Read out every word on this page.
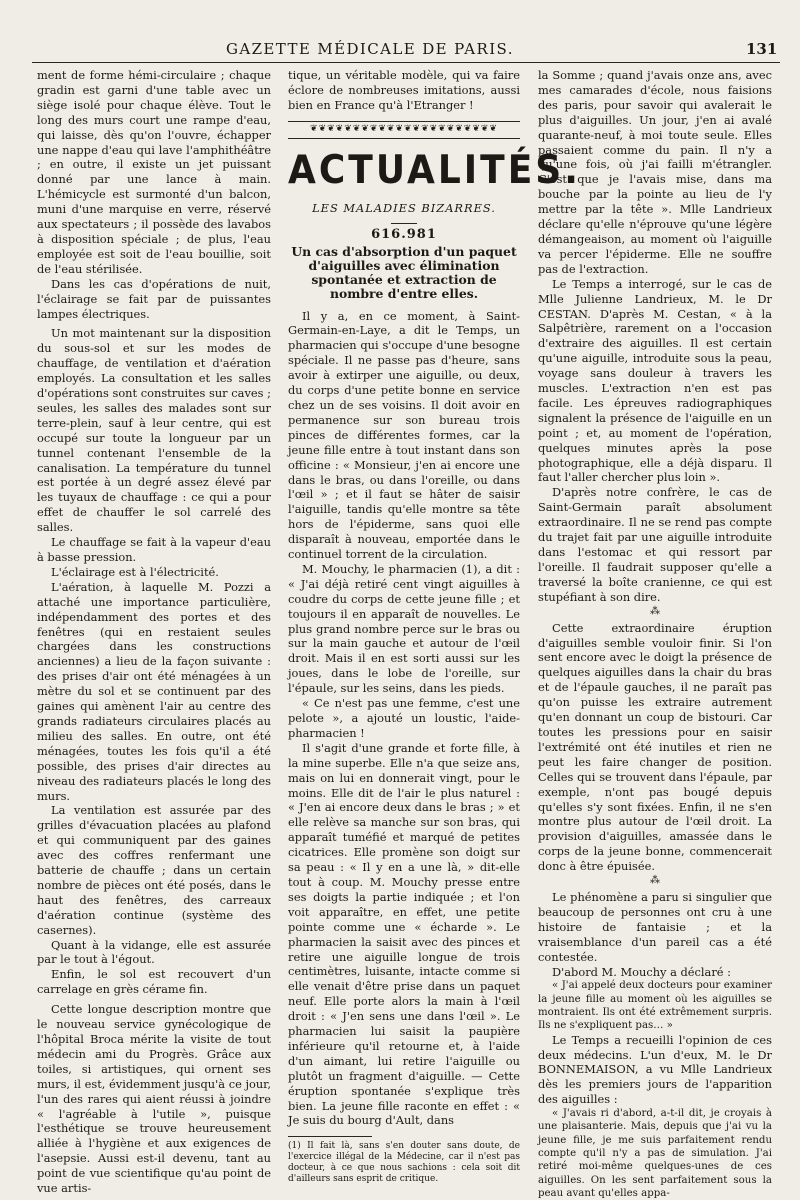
GAZETTE MÉDICALE DE PARIS.	131

ment de forme hémi-circulaire ; chaque gradin est garni d'une table avec un siège isolé pour chaque élève. Tout le long des murs court une rampe d'eau, qui laisse, dès qu'on l'ouvre, échapper une nappe d'eau qui lave l'amphithéâtre ; en outre, il existe un jet puissant donné par une lance à main. L'hémicycle est surmonté d'un balcon, muni d'une marquise en verre, réservé aux spectateurs ; il possède des lavabos à disposition spéciale ; de plus, l'eau employée est soit de l'eau bouillie, soit de l'eau stérilisée.

Dans les cas d'opérations de nuit, l'éclairage se fait par de puissantes lampes électriques.

Un mot maintenant sur la disposition du sous-sol et sur les modes de chauffage, de ventilation et d'aération employés. La consultation et les salles d'opérations sont construites sur caves ; seules, les salles des malades sont sur terre-plein, sauf à leur centre, qui est occupé sur toute la longueur par un tunnel contenant l'ensemble de la canalisation. La température du tunnel est portée à un degré assez élevé par les tuyaux de chauffage : ce qui a pour effet de chauffer le sol carrelé des salles.

Le chauffage se fait à la vapeur d'eau à basse pression.

L'éclairage est à l'électricité.

L'aération, à laquelle M. Pozzi a attaché une importance particulière, indépendamment des portes et des fenêtres (qui en restaient seules chargées dans les constructions anciennes) a lieu de la façon suivante : des prises d'air ont été ménagées à un mètre du sol et se continuent par des gaines qui amènent l'air au centre des grands radiateurs circulaires placés au milieu des salles. En outre, ont été ménagées, toutes les fois qu'il a été possible, des prises d'air directes au niveau des radiateurs placés le long des murs.

La ventilation est assurée par des grilles d'évacuation placées au plafond et qui communiquent par des gaines avec des coffres renfermant une batterie de chauffe ; dans un certain nombre de pièces ont été posés, dans le haut des fenêtres, des carreaux d'aération continue (système des casernes).

Quant à la vidange, elle est assurée par le tout à l'égout.

Enfin, le sol est recouvert d'un carrelage en grès cérame fin.

Cette longue description montre que le nouveau service gynécologique de l'hôpital Broca mérite la visite de tout médecin ami du Progrès. Grâce aux toiles, si artistiques, qui ornent ses murs, il est, évidemment jusqu'à ce jour, l'un des rares qui aient réussi à joindre « l'agréable à l'utile », puisque l'esthétique se trouve heureusement alliée à l'hygiène et aux exigences de l'asepsie. Aussi est-il devenu, tant au point de vue scientifique qu'au point de vue artis-

tique, un véritable modèle, qui va faire éclore de nombreuses imitations, aussi bien en France qu'à l'Etranger !

❦❦❦❦❦❦❦❦❦❦❦❦❦❦❦❦❦❦❦❦❦❦
ACTUALITÉS.
LES MALADIES BIZARRES.
616.981
Un cas d'absorption d'un paquet d'aiguilles avec élimination spontanée et extraction de nombre d'entre elles.

Il y a, en ce moment, à Saint-Germain-en-Laye, a dit le Temps, un pharmacien qui s'occupe d'une besogne spéciale. Il ne passe pas d'heure, sans avoir à extirper une aiguille, ou deux, du corps d'une petite bonne en service chez un de ses voisins. Il doit avoir en permanence sur son bureau trois pinces de différentes formes, car la jeune fille entre à tout instant dans son officine : « Monsieur, j'en ai encore une dans le bras, ou dans l'oreille, ou dans l'œil » ; et il faut se hâter de saisir l'aiguille, tandis qu'elle montre sa tête hors de l'épiderme, sans quoi elle disparaît à nouveau, emportée dans le continuel torrent de la circulation.

M. Mouchy, le pharmacien (1), a dit : « J'ai déjà retiré cent vingt aiguilles à coudre du corps de cette jeune fille ; et toujours il en apparaît de nouvelles. Le plus grand nombre perce sur le bras ou sur la main gauche et autour de l'œil droit. Mais il en est sorti aussi sur les joues, dans le lobe de l'oreille, sur l'épaule, sur les seins, dans les pieds.

« Ce n'est pas une femme, c'est une pelote », a ajouté un loustic, l'aide-pharmacien !

Il s'agit d'une grande et forte fille, à la mine superbe. Elle n'a que seize ans, mais on lui en donnerait vingt, pour le moins. Elle dit de l'air le plus naturel : « J'en ai encore deux dans le bras ; » et elle relève sa manche sur son bras, qui apparaît tuméfié et marqué de petites cicatrices. Elle promène son doigt sur sa peau : « Il y en a une là, » dit-elle tout à coup. M. Mouchy presse entre ses doigts la partie indiquée ; et l'on voit apparaître, en effet, une petite pointe comme une « écharde ». Le pharmacien la saisit avec des pinces et retire une aiguille longue de trois centimètres, luisante, intacte comme si elle venait d'être prise dans un paquet neuf. Elle porte alors la main à l'œil droit : « J'en sens une dans l'œil ». Le pharmacien lui saisit la paupière inférieure qu'il retourne et, à l'aide d'un aimant, lui retire l'aiguille ou plutôt un fragment d'aiguille. — Cette éruption spontanée s'explique très bien. La jeune fille raconte en effet : « Je suis du bourg d'Ault, dans

(1) Il fait là, sans s'en douter sans doute, de l'exercice illégal de la Médecine, car il n'est pas docteur, à ce que nous sachions : cela soit dit d'ailleurs sans esprit de critique.

la Somme ; quand j'avais onze ans, avec mes camarades d'école, nous faisions des paris, pour savoir qui avalerait le plus d'aiguilles. Un jour, j'en ai avalé quarante-neuf, à moi toute seule. Elles passaient comme du pain. Il n'y a qu'une fois, où j'ai failli m'étrangler. C'est que je l'avais mise, dans ma bouche par la pointe au lieu de l'y mettre par la tête ». Mlle Landrieux déclare qu'elle n'éprouve qu'une légère démangeaison, au moment où l'aiguille va percer l'épiderme. Elle ne souffre pas de l'extraction.

Le Temps a interrogé, sur le cas de Mlle Julienne Landrieux, M. le Dr CESTAN. D'après M. Cestan, « à la Salpêtrière, rarement on a l'occasion d'extraire des aiguilles. Il est certain qu'une aiguille, introduite sous la peau, voyage sans douleur à travers les muscles. L'extraction n'en est pas facile. Les épreuves radiographiques signalent la présence de l'aiguille en un point ; et, au moment de l'opération, quelques minutes après la pose photographique, elle a déjà disparu. Il faut l'aller chercher plus loin ».

D'après notre confrère, le cas de Saint-Germain paraît absolument extraordinaire. Il ne se rend pas compte du trajet fait par une aiguille introduite dans l'estomac et qui ressort par l'oreille. Il faudrait supposer qu'elle a traversé la boîte cranienne, ce qui est stupéfiant à son dire.

⁂

Cette extraordinaire éruption d'aiguilles semble vouloir finir. Si l'on sent encore avec le doigt la présence de quelques aiguilles dans la chair du bras et de l'épaule gauches, il ne paraît pas qu'on puisse les extraire autrement qu'en donnant un coup de bistouri. Car toutes les pressions pour en saisir l'extrémité ont été inutiles et rien ne peut les faire changer de position. Celles qui se trouvent dans l'épaule, par exemple, n'ont pas bougé depuis qu'elles s'y sont fixées. Enfin, il ne s'en montre plus autour de l'œil droit. La provision d'aiguilles, amassée dans le corps de la jeune bonne, commencerait donc à être épuisée.

⁂

Le phénomène a paru si singulier que beaucoup de personnes ont cru à une histoire de fantaisie ; et la vraisemblance d'un pareil cas a été contestée.

D'abord M. Mouchy a déclaré :

« J'ai appelé deux docteurs pour examiner la jeune fille au moment où les aiguilles se montraient. Ils ont été extrêmement surpris. Ils ne s'expliquent pas… »

Le Temps a recueilli l'opinion de ces deux médecins. L'un d'eux, M. le Dr BONNEMAISON, a vu Mlle Landrieux dès les premiers jours de l'apparition des aiguilles :

« J'avais ri d'abord, a-t-il dit, je croyais à une plaisanterie. Mais, depuis que j'ai vu la jeune fille, je me suis parfaitement rendu compte qu'il n'y a pas de simulation. J'ai retiré moi-même quelques-unes de ces aiguilles. On les sent parfaitement sous la peau avant qu'elles appa-
